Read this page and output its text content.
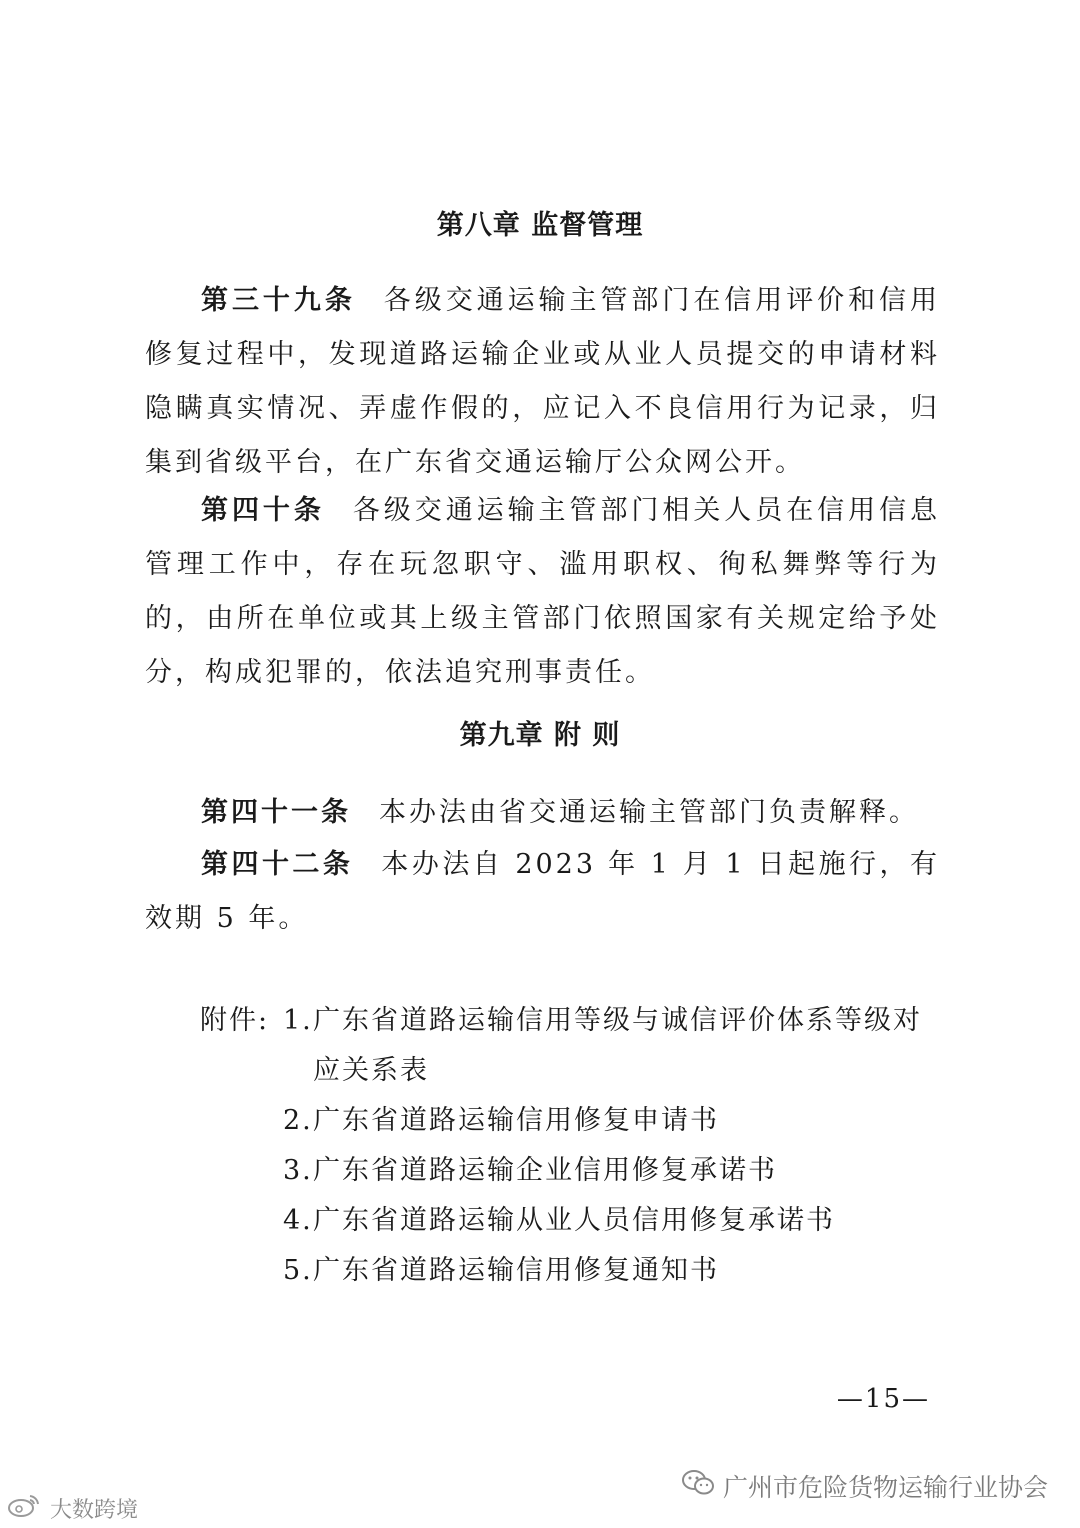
第八章 监督管理
第三十九条 各级交通运输主管部门在信用评价和信用修复过程中，发现道路运输企业或从业人员提交的申请材料隐瞒真实情况、弄虚作假的，应记入不良信用行为记录，归集到省级平台，在广东省交通运输厅公众网公开。
第四十条 各级交通运输主管部门相关人员在信用信息管理工作中，存在玩忽职守、滥用职权、徇私舞弊等行为的，由所在单位或其上级主管部门依照国家有关规定给予处分，构成犯罪的，依法追究刑事责任。
第九章 附 则
第四十一条 本办法由省交通运输主管部门负责解释。
第四十二条 本办法自 2023 年 1 月 1 日起施行，有效期 5 年。
附件: 1. 广东省道路运输信用等级与诚信评价体系等级对应关系表
2. 广东省道路运输信用修复申请书
3. 广东省道路运输企业信用修复承诺书
4. 广东省道路运输从业人员信用修复承诺书
5. 广东省道路运输信用修复通知书
—15—
广州市危险货物运输行业协会
大数跨境
